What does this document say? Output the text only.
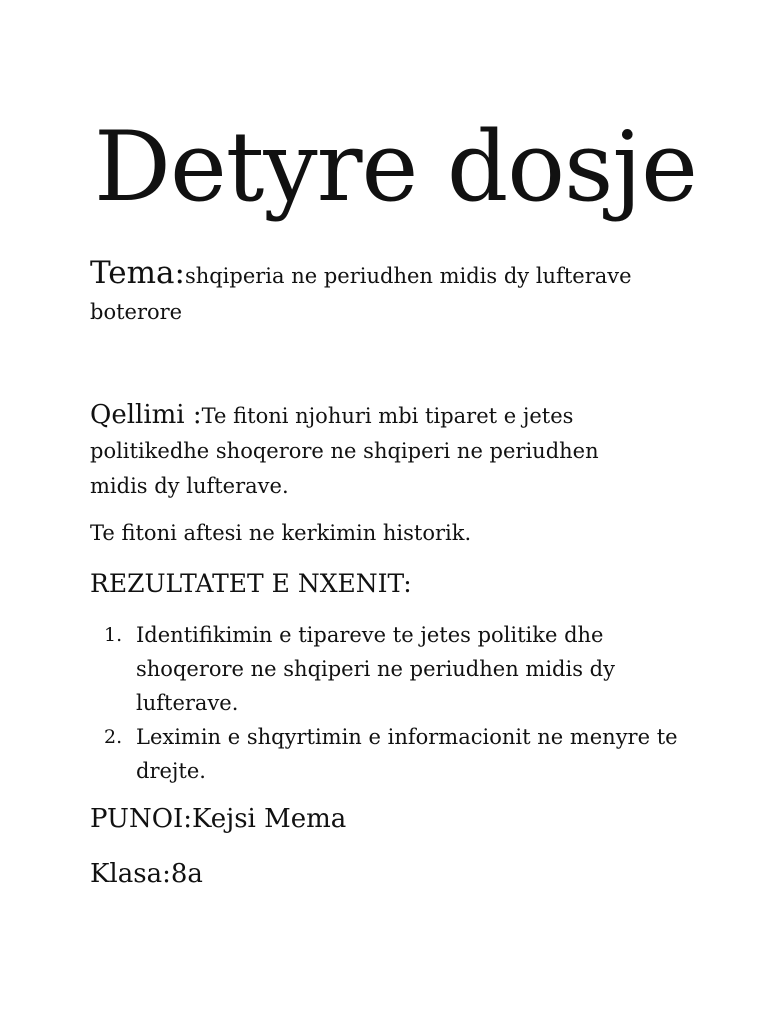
Detyre dosje

Tema:shqiperia ne periudhen midis dy lufterave boterore

Qellimi :Te fitoni njohuri mbi tiparet e jetes politikedhe shoqerore ne shqiperi ne periudhen midis dy lufterave.

Te fitoni aftesi ne kerkimin historik.

REZULTATET E NXENIT:
1. Identifikimin e tipareve te jetes politike dhe shoqerore ne shqiperi ne periudhen midis dy lufterave.
2. Leximin e shqyrtimin e informacionit ne menyre te drejte.

PUNOI:Kejsi Mema

Klasa:8a
